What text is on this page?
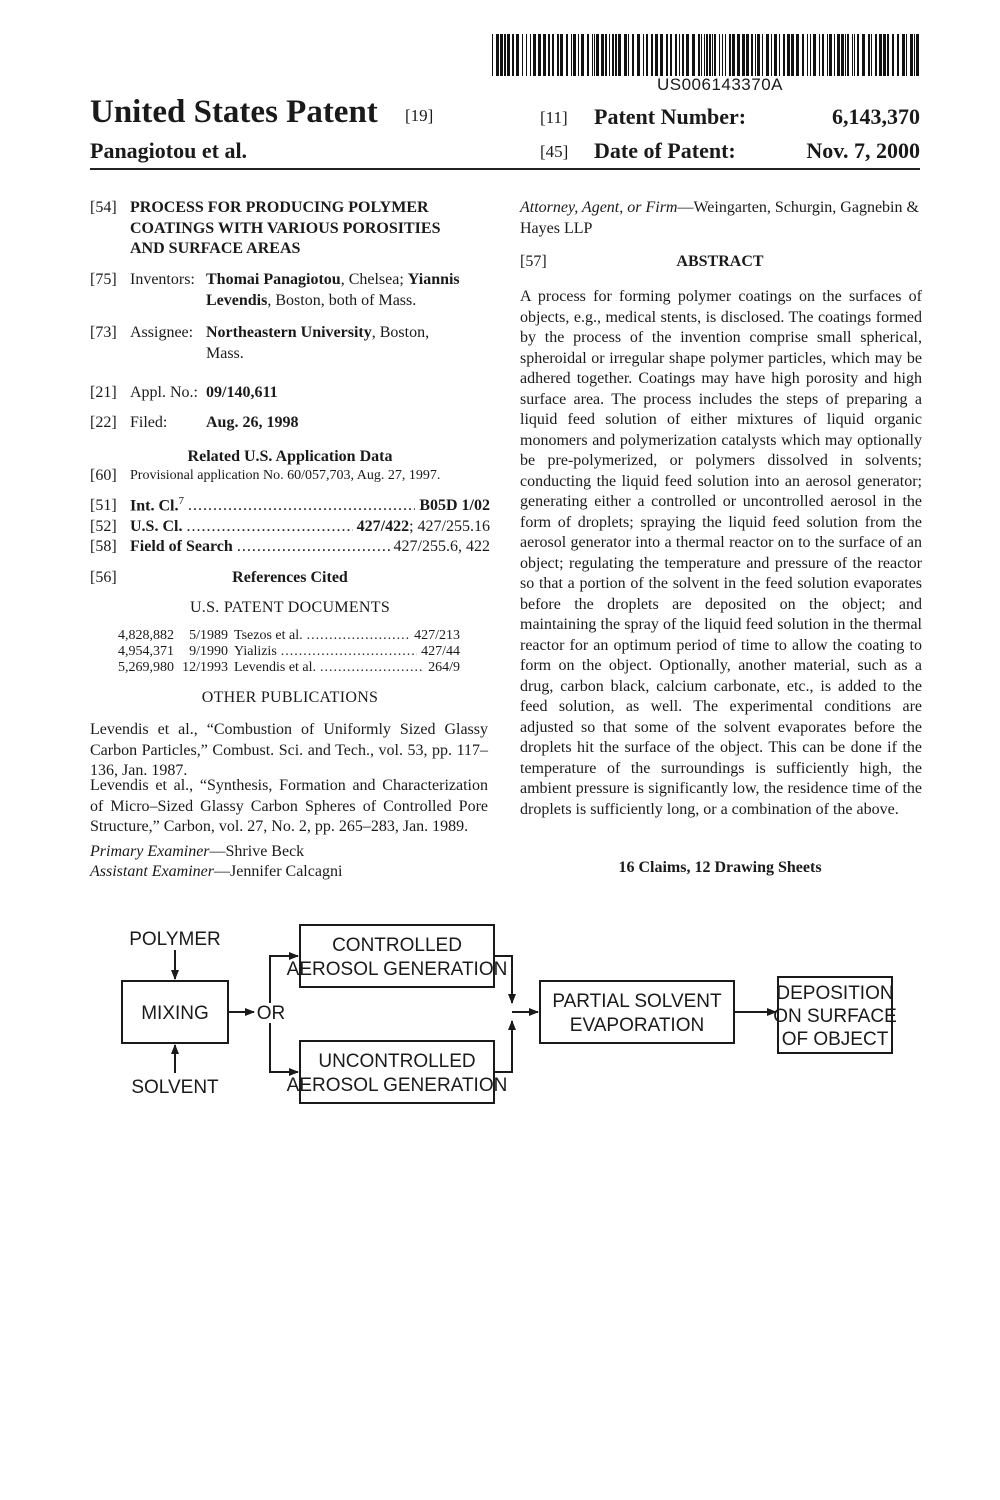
US006143370A
United States Patent [19]
Panagiotou et al.
[11] Patent Number:	6,143,370
[45] Date of Patent:	Nov. 7, 2000
[54] PROCESS FOR PRODUCING POLYMER
COATINGS WITH VARIOUS POROSITIES
AND SURFACE AREAS
[75] Inventors: Thomai Panagiotou, Chelsea; Yiannis
Levendis, Boston, both of Mass.
[73] Assignee: Northeastern University, Boston,
Mass.
[21] Appl. No.: 09/140,611
[22] Filed:	Aug. 26, 1998
Related U.S. Application Data
[60] Provisional application No. 60/057,703, Aug. 27, 1997.
[51] Int. Cl.$^7$ .....	B05D 1/02
[52] U.S. Cl. .....	427/422; 427/255.16
[58] Field of Search .....	427/255.6, 422
[56]	References Cited
U.S. PATENT DOCUMENTS
4,828,882	5/1989 Tsezos et al. .....	427/213
4,954,371	9/1990 Yializis .....	427/44
5,269,980 12/1993 Levendis et al. .....	264/9
OTHER PUBLICATIONS
Levendis et al., “Combustion of Uniformly Sized Glassy Carbon Particles,” Combust. Sci. and Tech., vol. 53, pp. 117–136, Jan. 1987.
Levendis et al., “Synthesis, Formation and Characterization of Micro–Sized Glassy Carbon Spheres of Controlled Pore Structure,” Carbon, vol. 27, No. 2, pp. 265–283, Jan. 1989.
Primary Examiner—Shrive Beck
Assistant Examiner—Jennifer Calcagni
Attorney, Agent, or Firm—Weingarten, Schurgin, Gagnebin & Hayes LLP
[57]	ABSTRACT
A process for forming polymer coatings on the surfaces of objects, e.g., medical stents, is disclosed. The coatings formed by the process of the invention comprise small spherical, spheroidal or irregular shape polymer particles, which may be adhered together. Coatings may have high porosity and high surface area. The process includes the steps of preparing a liquid feed solution of either mixtures of liquid organic monomers and polymerization catalysts which may optionally be pre-polymerized, or polymers dissolved in solvents; conducting the liquid feed solution into an aerosol generator; generating either a controlled or uncontrolled aerosol in the form of droplets; spraying the liquid feed solution from the aerosol generator into a thermal reactor on to the surface of an object; regulating the temperature and pressure of the reactor so that a portion of the solvent in the feed solution evaporates before the droplets are deposited on the object; and maintaining the spray of the liquid feed solution in the thermal reactor for an optimum period of time to allow the coating to form on the object. Optionally, another material, such as a drug, carbon black, calcium carbonate, etc., is added to the feed solution, as well. The experimental conditions are adjusted so that some of the solvent evaporates before the droplets hit the surface of the object. This can be done if the temperature of the surroundings is sufficiently high, the ambient pressure is significantly low, the residence time of the droplets is sufficiently long, or a combination of the above.
16 Claims, 12 Drawing Sheets
POLYMER
MIXING
SOLVENT
OR
CONTROLLED
AEROSOL GENERATION
UNCONTROLLED
AEROSOL GENERATION
PARTIAL SOLVENT
EVAPORATION
DEPOSITION
ON SURFACE
OF OBJECT
